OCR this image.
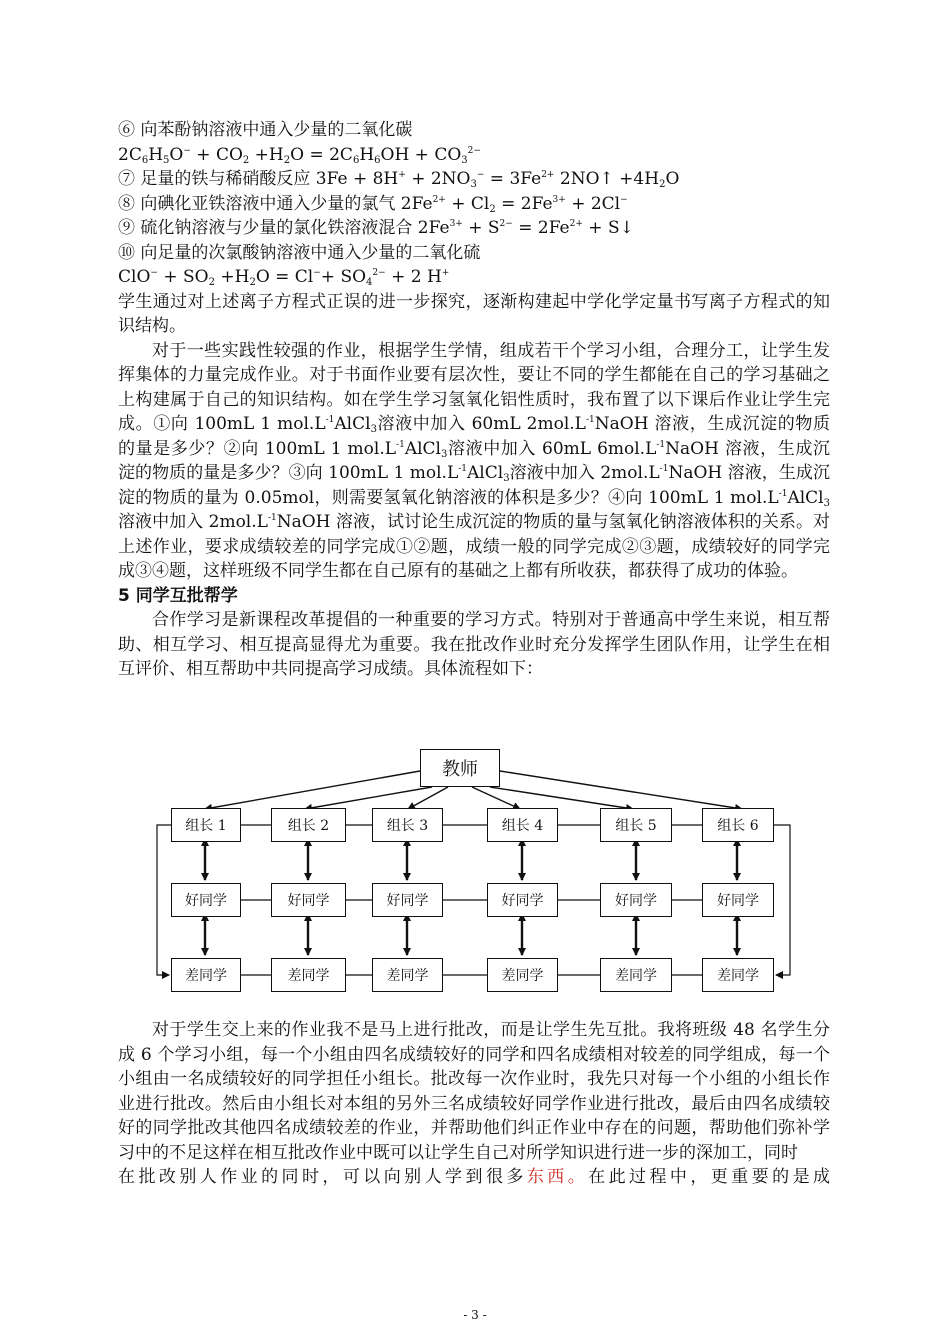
⑥ 向苯酚钠溶液中通入少量的二氧化碳
$2C_6H_5O^- + CO_2 +H_2O = 2C_6H_6OH + CO_3^{2-}$
⑦ 足量的铁与稀硝酸反应 $3Fe + 8H^+ + 2NO_3^- = 3Fe^{2+}$ 2NO↑ $+4H_2O$
⑧ 向碘化亚铁溶液中通入少量的氯气 $2Fe^{2+} + Cl_2 = 2Fe^{3+} + 2Cl^-$
⑨ 硫化钠溶液与少量的氯化铁溶液混合 $2Fe^{3+} + S^{2-} = 2Fe^{2+}$ + S↓
⑩ 向足量的次氯酸钠溶液中通入少量的二氧化硫
$ClO^- + SO_2 +H_2O = Cl^-+ SO_4^{2-} + 2$ H+
学生通过对上述离子方程式正误的进一步探究，逐渐构建起中学化学定量书写离子方程式的知识结构。
对于一些实践性较强的作业，根据学生学情，组成若干个学习小组，合理分工，让学生发挥集体的力量完成作业。对于书面作业要有层次性，要让不同的学生都能在自己的学习基础之上构建属于自己的知识结构。如在学生学习氢氧化铝性质时，我布置了以下课后作业让学生完成。①向 100mL 1 $mol.L^{-1}AlCl_3$溶液中加入 60mL $2mol.L^{-1}NaOH$ 溶液，生成沉淀的物质的量是多少？②向 100mL 1 $mol.L^{-1}AlCl_3$溶液中加入 60mL $6mol.L^{-1}NaOH$ 溶液，生成沉淀的物质的量是多少？③向 100mL 1 $mol.L^{-1}AlCl_3$溶液中加入 $2mol.L^{-1}NaOH$ 溶液，生成沉淀的物质的量为 0.05mol，则需要氢氧化钠溶液的体积是多少？④向 100mL 1 $mol.L^{-1}AlCl_3$溶液中加入 $2mol.L^{-1}NaOH$ 溶液，试讨论生成沉淀的物质的量与氢氧化钠溶液体积的关系。对上述作业，要求成绩较差的同学完成①②题，成绩一般的同学完成②③题，成绩较好的同学完成③④题，这样班级不同学生都在自己原有的基础之上都有所收获，都获得了成功的体验。
5 同学互批帮学
合作学习是新课程改革提倡的一种重要的学习方式。特别对于普通高中学生来说，相互帮助、相互学习、相互提高显得尤为重要。我在批改作业时充分发挥学生团队作用，让学生在相互评价、相互帮助中共同提高学习成绩。具体流程如下：
教师
组长 1	组长 2	组长 3	组长 4	组长 5	组长 6
好同学	好同学	好同学	好同学	好同学	好同学
差同学	差同学	差同学	差同学	差同学	差同学
对于学生交上来的作业我不是马上进行批改，而是让学生先互批。我将班级 48 名学生分成 6 个学习小组，每一个小组由四名成绩较好的同学和四名成绩相对较差的同学组成，每一个小组由一名成绩较好的同学担任小组长。批改每一次作业时，我先只对每一个小组的小组长作业进行批改。然后由小组长对本组的另外三名成绩较好同学作业进行批改，最后由四名成绩较好的同学批改其他四名成绩较差的作业，并帮助他们纠正作业中存在的问题，帮助他们弥补学习中的不足这样在相互批改作业中既可以让学生自己对所学知识进行进一步的深加工，同时
在批改别人作业的同时，可以向别人学到很多东西。在此过程中，更重要的是成
- 3 -
